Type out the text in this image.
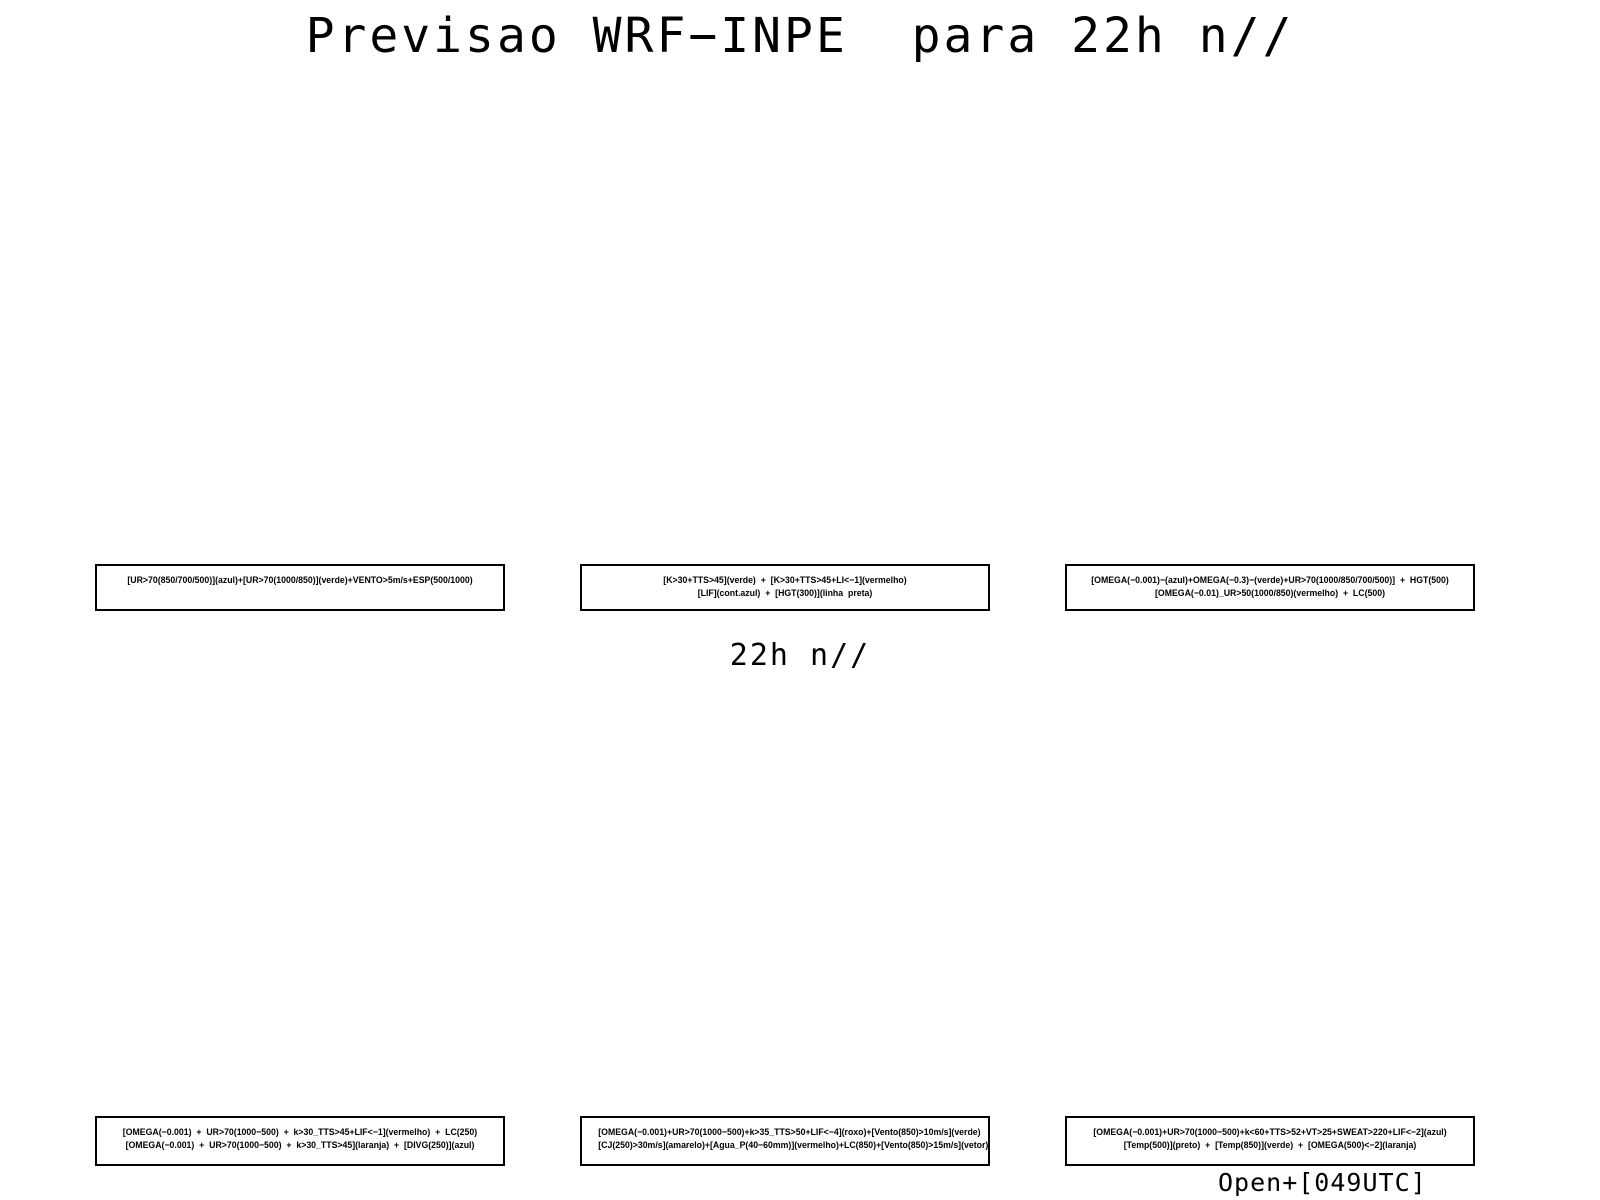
Previsao WRF−INPE  para 22h n//
[UR>70(850/700/500)](azul)+[UR>70(1000/850)](verde)+VENTO>5m/s+ESP(500/1000)	[K>30+TTS>45](verde)  +  [K>30+TTS>45+LI<−1](vermelho)
[LIF](cont.azul)  +  [HGT(300)](linha  preta)
[OMEGA(−0.001)−(azul)+OMEGA(−0.3)−(verde)+UR>70(1000/850/700/500)]  +  HGT(500)
[OMEGA(−0.01)_UR>50(1000/850)(vermelho)  +  LC(500)
22h n//
[OMEGA(−0.001)  +  UR>70(1000−500)  +  k>30_TTS>45+LIF<−1](vermelho)  +  LC(250)
[OMEGA(−0.001)  +  UR>70(1000−500)  +  k>30_TTS>45](laranja)  +  [DIVG(250)](azul)
[OMEGA(−0.001)+UR>70(1000−500)+k>35_TTS>50+LIF<−4](roxo)+[Vento(850)>10m/s](verde)
[CJ(250)>30m/s](amarelo)+[Agua_P(40−60mm)](vermelho)+LC(850)+[Vento(850)>15m/s](vetor)
[OMEGA(−0.001)+UR>70(1000−500)+k<60+TTS>52+VT>25+SWEAT>220+LIF<−2](azul)
[Temp(500)](preto)  +  [Temp(850)](verde)  +  [OMEGA(500)<−2](laranja)
Open+[049UTC]
